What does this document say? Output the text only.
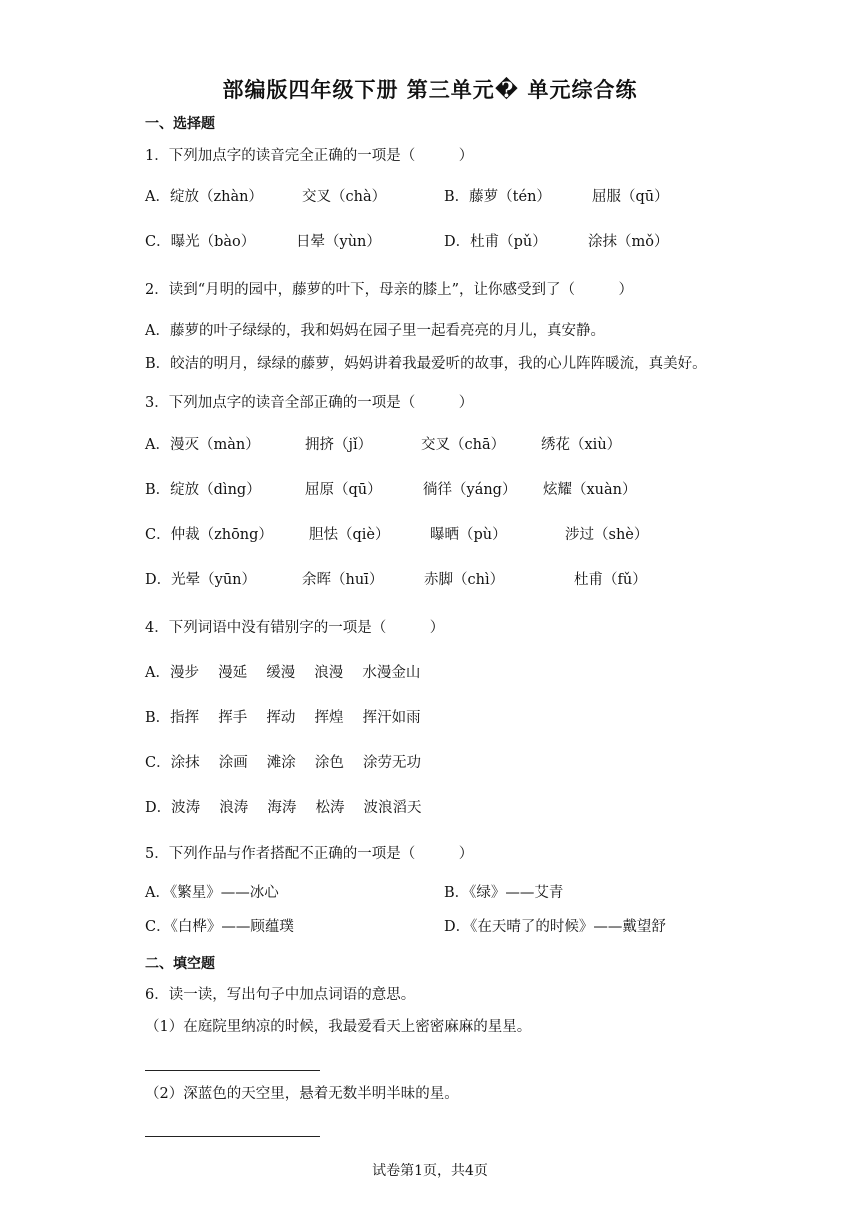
部编版四年级下册 第三单元� 单元综合练
一、选择题
1．下列加点字的读音完全正确的一项是（　　　）
A．绽放（zhàn）	交叉（chà）	B．藤萝（tén）	屈服（qū）
C．曝光（bào）	日晕（yùn）	D．杜甫（pǔ）	涂抹（mǒ）
2．读到“月明的园中，藤萝的叶下，母亲的膝上”，让你感受到了（　　　）
A．藤萝的叶子绿绿的，我和妈妈在园子里一起看亮亮的月儿，真安静。
B．皎洁的明月，绿绿的藤萝，妈妈讲着我最爱听的故事，我的心儿阵阵暖流，真美好。
3．下列加点字的读音全部正确的一项是（　　　）
A．漫灭（màn）	拥挤（jǐ）	交叉（chā） 绣花（xiù）
B．绽放（dìng）	屈原（qū）	徜徉（yáng） 炫耀（xuàn）
C．仲裁（zhōng） 胆怯（qiè）	曝晒（pù）	涉过（shè）
D．光晕（yūn）	余晖（huī）	赤脚（chì）	杜甫（fǔ）
4．下列词语中没有错别字的一项是（　　　）
A．漫步　 漫延　 缓漫　 浪漫　 水漫金山
B．指挥　 挥手　 挥动　 挥煌　 挥汗如雨
C．涂抹　 涂画　 滩涂　 涂色　 涂劳无功
D．波涛　 浪涛　 海涛　 松涛　 波浪滔天
5．下列作品与作者搭配不正确的一项是（　　　）
A．《繁星》——冰心	B．《绿》——艾青
C．《白桦》——顾蕴璞	D．《在天晴了的时候》——戴望舒
二、填空题
6．读一读，写出句子中加点词语的意思。
（1）在庭院里纳凉的时候，我最爱看天上密密麻麻的星星。
（2）深蓝色的天空里，悬着无数半明半昧的星。
试卷第1页，共4页
